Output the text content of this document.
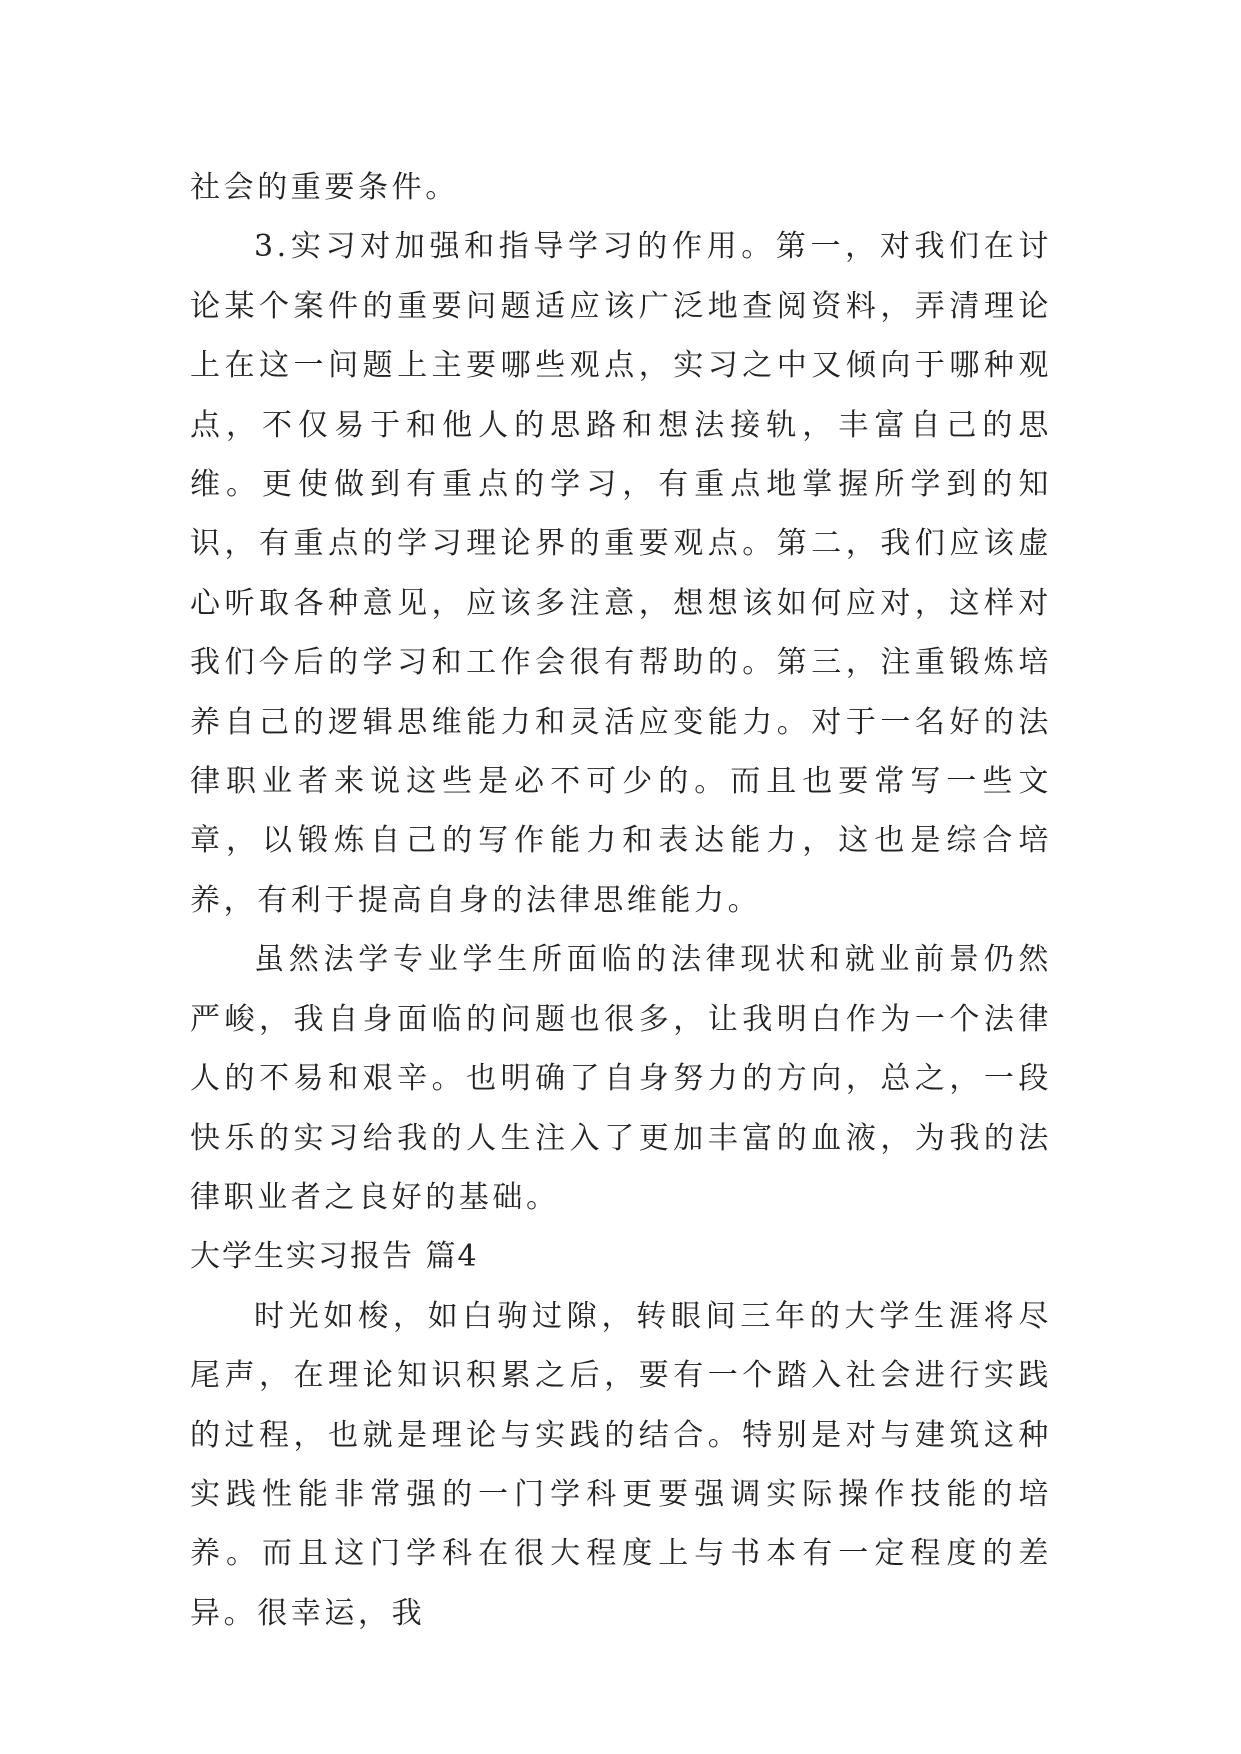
社会的重要条件。

3.实习对加强和指导学习的作用。第一，对我们在讨论某个案件的重要问题适应该广泛地查阅资料，弄清理论上在这一问题上主要哪些观点，实习之中又倾向于哪种观点，不仅易于和他人的思路和想法接轨，丰富自己的思维。更使做到有重点的学习，有重点地掌握所学到的知识，有重点的学习理论界的重要观点。第二，我们应该虚心听取各种意见，应该多注意，想想该如何应对，这样对我们今后的学习和工作会很有帮助的。第三，注重锻炼培养自己的逻辑思维能力和灵活应变能力。对于一名好的法律职业者来说这些是必不可少的。而且也要常写一些文章，以锻炼自己的写作能力和表达能力，这也是综合培养，有利于提高自身的法律思维能力。

虽然法学专业学生所面临的法律现状和就业前景仍然严峻，我自身面临的问题也很多，让我明白作为一个法律人的不易和艰辛。也明确了自身努力的方向，总之，一段快乐的实习给我的人生注入了更加丰富的血液，为我的法律职业者之良好的基础。

大学生实习报告 篇4

时光如梭，如白驹过隙，转眼间三年的大学生涯将尽尾声，在理论知识积累之后，要有一个踏入社会进行实践的过程，也就是理论与实践的结合。特别是对与建筑这种实践性能非常强的一门学科更要强调实际操作技能的培养。而且这门学科在很大程度上与书本有一定程度的差异。很幸运，我
